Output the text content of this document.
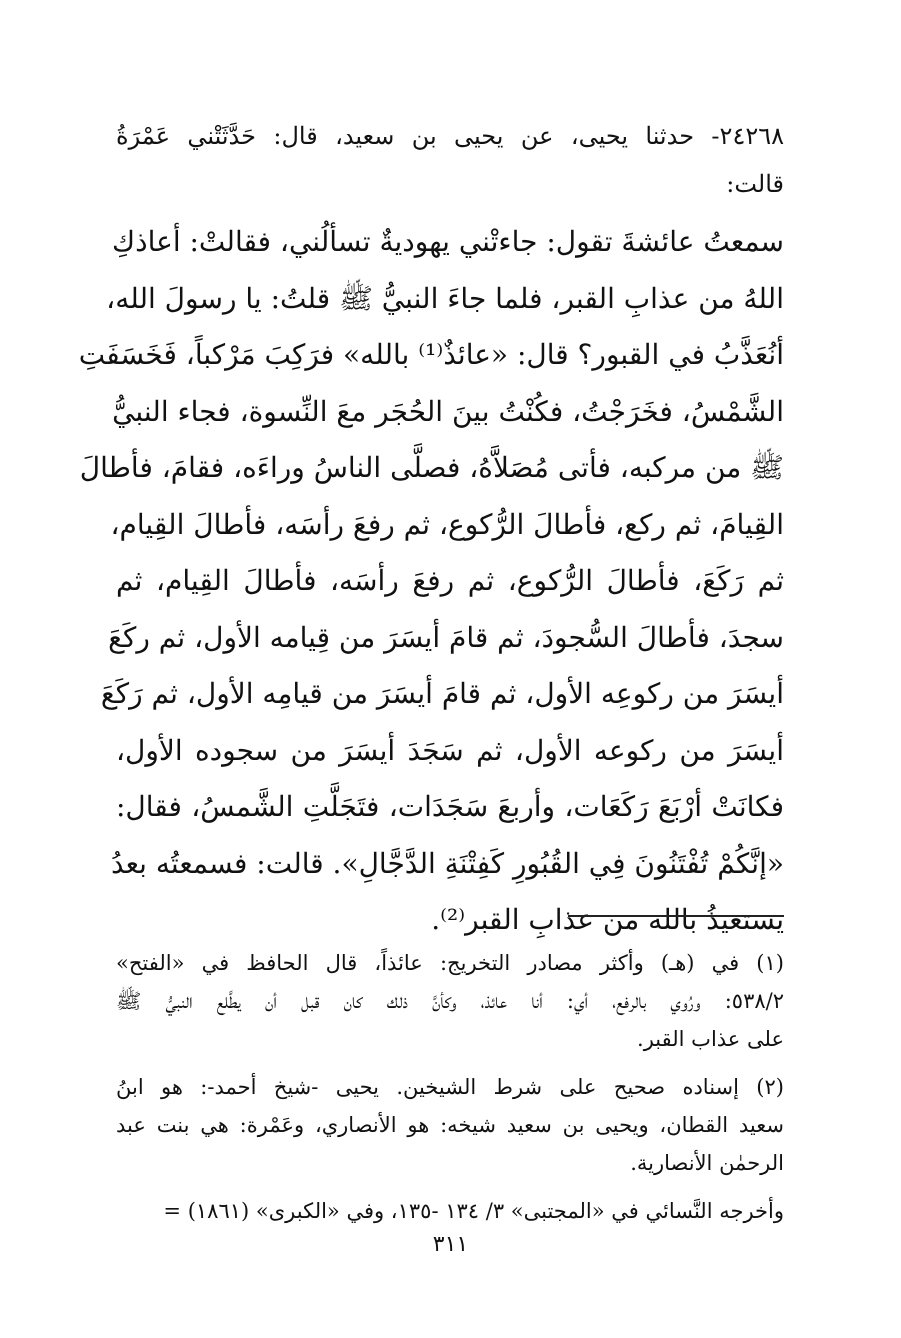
٢٤٢٦٨- حدثنا يحيى، عن يحيى بن سعيد، قال: حَدَّثَتْني عَمْرَةُ
قالت:
سمعتُ عائشةَ تقول: جاءتْني يهوديةٌ تسألُني، فقالتْ: أعاذكِ
اللهُ من عذابِ القبر، فلما جاءَ النبيُّ ﷺ قلتُ: يا رسولَ الله،
أنُعَذَّبُ في القبور؟ قال: «عائذٌ⁽¹⁾ بالله» فرَكِبَ مَرْكباً، فَخَسَفَتِ
الشَّمْسُ، فخَرَجْتُ، فكُنْتُ بينَ الحُجَر معَ النِّسوة، فجاء النبيُّ
ﷺ من مركبه، فأتى مُصَلاَّهُ، فصلَّى الناسُ وراءَه، فقامَ، فأطالَ
القِيامَ، ثم ركع، فأطالَ الرُّكوع، ثم رفعَ رأسَه، فأطالَ القِيام،
ثم رَكَعَ، فأطالَ الرُّكوع، ثم رفعَ رأسَه، فأطالَ القِيام، ثم
سجدَ، فأطالَ السُّجودَ، ثم قامَ أيسَرَ من قِيامه الأول، ثم ركَعَ
أيسَرَ من ركوعِه الأول، ثم قامَ أيسَرَ من قيامِه الأول، ثم رَكَعَ
أيسَرَ من ركوعه الأول، ثم سَجَدَ أيسَرَ من سجوده الأول،
فكانَتْ أرْبَعَ رَكَعَات، وأربعَ سَجَدَات، فتَجَلَّتِ الشَّمسُ، فقال:
«إنَّكُمْ تُفْتَنُونَ فِي القُبُورِ كَفِتْنَةِ الدَّجَّالِ». قالت: فسمعتُه بعدُ
يستعيذُ بالله من عذابِ القبر⁽²⁾.
(١) في (هـ) وأكثر مصادر التخريج: عائذاً، قال الحافظ في «الفتح»
٥٣٨/٢: ورُوي بالرفع، أي: أنا عائذ، وكأنَّ ذلك كان قبل أن يطَّلع النبيُّ ﷺ
على عذاب القبر.
(٢) إسناده صحيح على شرط الشيخين. يحيى -شيخ أحمد-: هو ابنُ
سعيد القطان، ويحيى بن سعيد شيخه: هو الأنصاري، وعَمْرة: هي بنت عبد
الرحمٰن الأنصارية.
وأخرجه النَّسائي في «المجتبى» ٣/ ١٣٤ -١٣٥، وفي «الكبرى» (١٨٦١) =
٣١١
